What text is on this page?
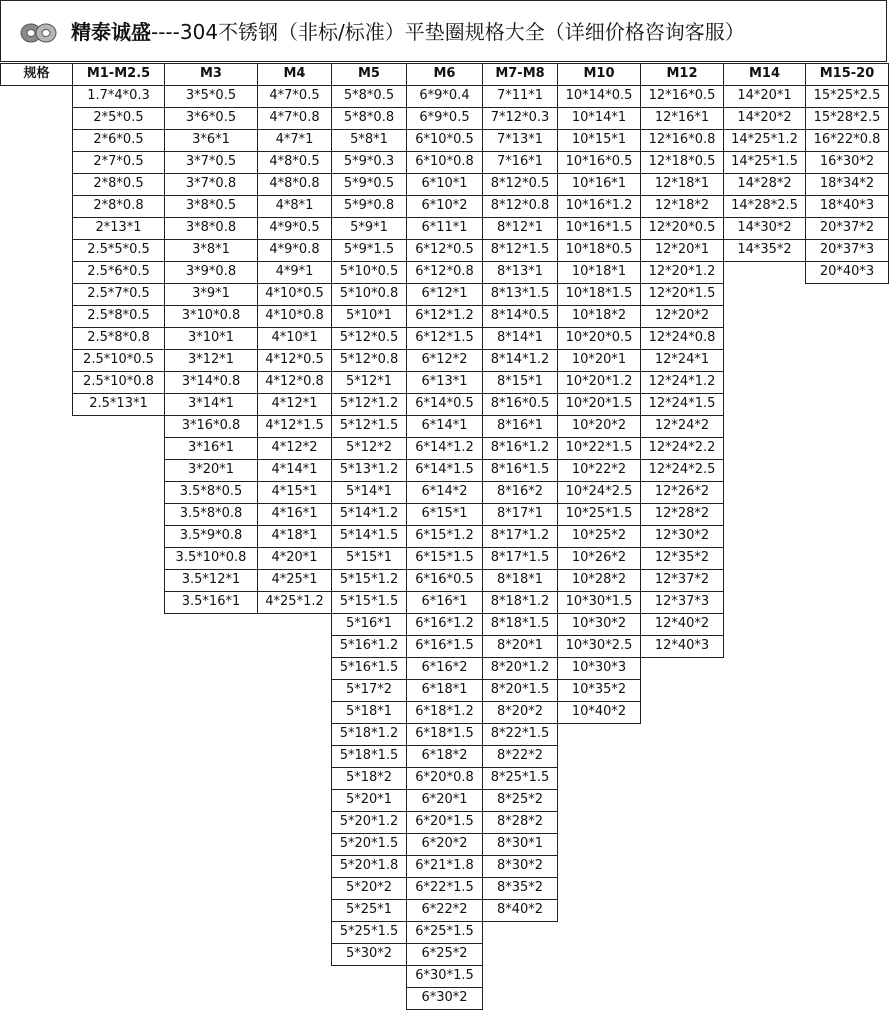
精泰诚盛----304不锈钢（非标/标准）平垫圈规格大全（详细价格咨询客服）
规格	M1-M2.5
1.7*4*0.3
2*5*0.5
2*6*0.5
2*7*0.5
2*8*0.5
2*8*0.8
2*13*1
2.5*5*0.5
2.5*6*0.5
2.5*7*0.5
2.5*8*0.5
2.5*8*0.8
2.5*10*0.5
2.5*10*0.8
2.5*13*1
M3
3*5*0.5
3*6*0.5
3*6*1
3*7*0.5
3*7*0.8
3*8*0.5
3*8*0.8
3*8*1
3*9*0.8
3*9*1
3*10*0.8
3*10*1
3*12*1
3*14*0.8
3*14*1
3*16*0.8
3*16*1
3*20*1
3.5*8*0.5
3.5*8*0.8
3.5*9*0.8
3.5*10*0.8
3.5*12*1
3.5*16*1
M4
4*7*0.5
4*7*0.8
4*7*1
4*8*0.5
4*8*0.8
4*8*1
4*9*0.5
4*9*0.8
4*9*1
4*10*0.5
4*10*0.8
4*10*1
4*12*0.5
4*12*0.8
4*12*1
4*12*1.5
4*12*2
4*14*1
4*15*1
4*16*1
4*18*1
4*20*1
4*25*1
4*25*1.2
M5
5*8*0.5
5*8*0.8
5*8*1
5*9*0.3
5*9*0.5
5*9*0.8
5*9*1
5*9*1.5
5*10*0.5
5*10*0.8
5*10*1
5*12*0.5
5*12*0.8
5*12*1
5*12*1.2
5*12*1.5
5*12*2
5*13*1.2
5*14*1
5*14*1.2
5*14*1.5
5*15*1
5*15*1.2
5*15*1.5
5*16*1
5*16*1.2
5*16*1.5
5*17*2
5*18*1
5*18*1.2
5*18*1.5
5*18*2
5*20*1
5*20*1.2
5*20*1.5
5*20*1.8
5*20*2
5*25*1
5*25*1.5
5*30*2
M6
6*9*0.4
6*9*0.5
6*10*0.5
6*10*0.8
6*10*1
6*10*2
6*11*1
6*12*0.5
6*12*0.8
6*12*1
6*12*1.2
6*12*1.5
6*12*2
6*13*1
6*14*0.5
6*14*1
6*14*1.2
6*14*1.5
6*14*2
6*15*1
6*15*1.2
6*15*1.5
6*16*0.5
6*16*1
6*16*1.2
6*16*1.5
6*16*2
6*18*1
6*18*1.2
6*18*1.5
6*18*2
6*20*0.8
6*20*1
6*20*1.5
6*20*2
6*21*1.8
6*22*1.5
6*22*2
6*25*1.5
6*25*2
6*30*1.5
6*30*2
M7-M8
7*11*1
7*12*0.3
7*13*1
7*16*1
8*12*0.5
8*12*0.8
8*12*1
8*12*1.5
8*13*1
8*13*1.5
8*14*0.5
8*14*1
8*14*1.2
8*15*1
8*16*0.5
8*16*1
8*16*1.2
8*16*1.5
8*16*2
8*17*1
8*17*1.2
8*17*1.5
8*18*1
8*18*1.2
8*18*1.5
8*20*1
8*20*1.2
8*20*1.5
8*20*2
8*22*1.5
8*22*2
8*25*1.5
8*25*2
8*28*2
8*30*1
8*30*2
8*35*2
8*40*2
M10
10*14*0.5
10*14*1
10*15*1
10*16*0.5
10*16*1
10*16*1.2
10*16*1.5
10*18*0.5
10*18*1
10*18*1.5
10*18*2
10*20*0.5
10*20*1
10*20*1.2
10*20*1.5
10*20*2
10*22*1.5
10*22*2
10*24*2.5
10*25*1.5
10*25*2
10*26*2
10*28*2
10*30*1.5
10*30*2
10*30*2.5
10*30*3
10*35*2
10*40*2
M12
12*16*0.5
12*16*1
12*16*0.8
12*18*0.5
12*18*1
12*18*2
12*20*0.5
12*20*1
12*20*1.2
12*20*1.5
12*20*2
12*24*0.8
12*24*1
12*24*1.2
12*24*1.5
12*24*2
12*24*2.2
12*24*2.5
12*26*2
12*28*2
12*30*2
12*35*2
12*37*2
12*37*3
12*40*2
12*40*3
M14
14*20*1
14*20*2
14*25*1.2
14*25*1.5
14*28*2
14*28*2.5
14*30*2
14*35*2
M15-20
15*25*2.5
15*28*2.5
16*22*0.8
16*30*2
18*34*2
18*40*3
20*37*2
20*37*3
20*40*3
